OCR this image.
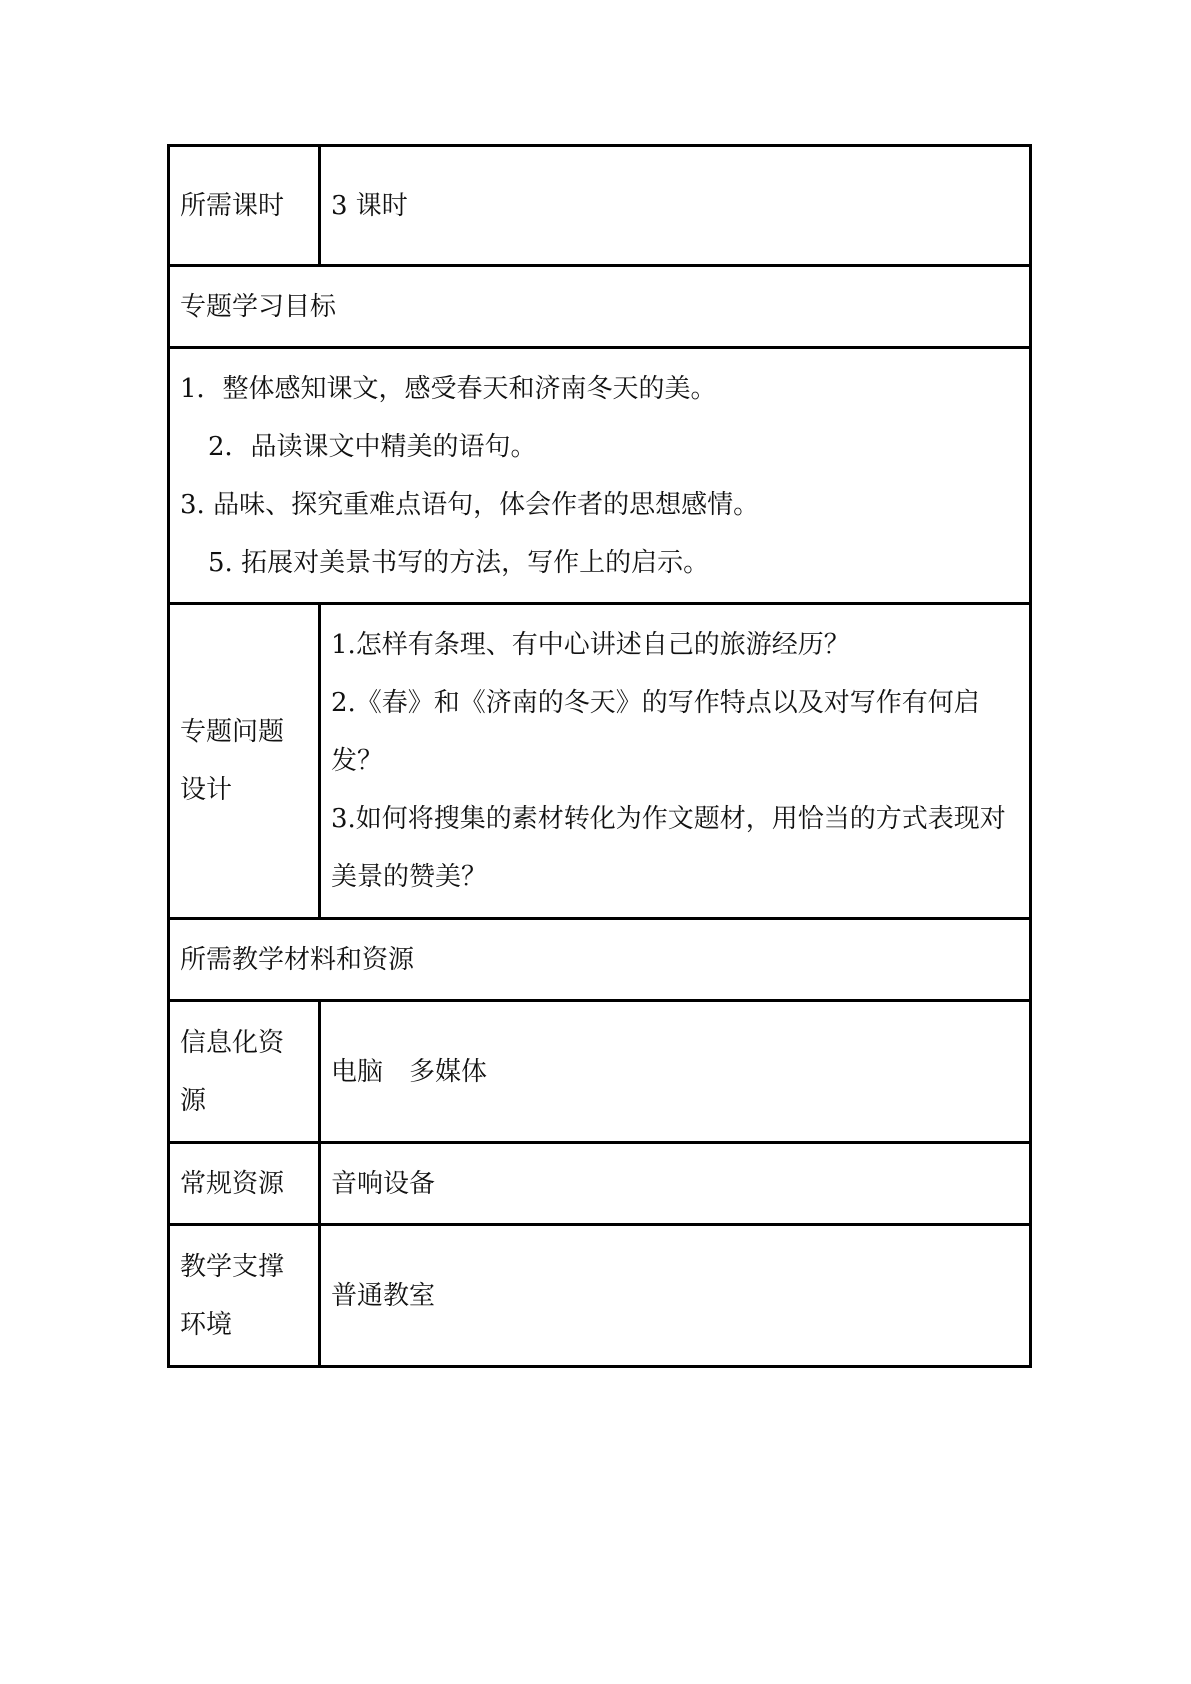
所需课时	3 课时
专题学习目标	

1．整体感知课文，感受春天和济南冬天的美。
2．品读课文中精美的语句。
3. 品味、探究重难点语句，体会作者的思想感情。
5. 拓展对美景书写的方法，写作上的启示。	

专题问题设计	1.怎样有条理、有中心讲述自己的旅游经历？
2.《春》和《济南的冬天》的写作特点以及对写作有何启发？
3.如何将搜集的素材转化为作文题材，用恰当的方式表现对美景的赞美？

所需教学材料和资源	
信息化资源	电脑　多媒体
常规资源	音响设备
教学支撑环境	普通教室
